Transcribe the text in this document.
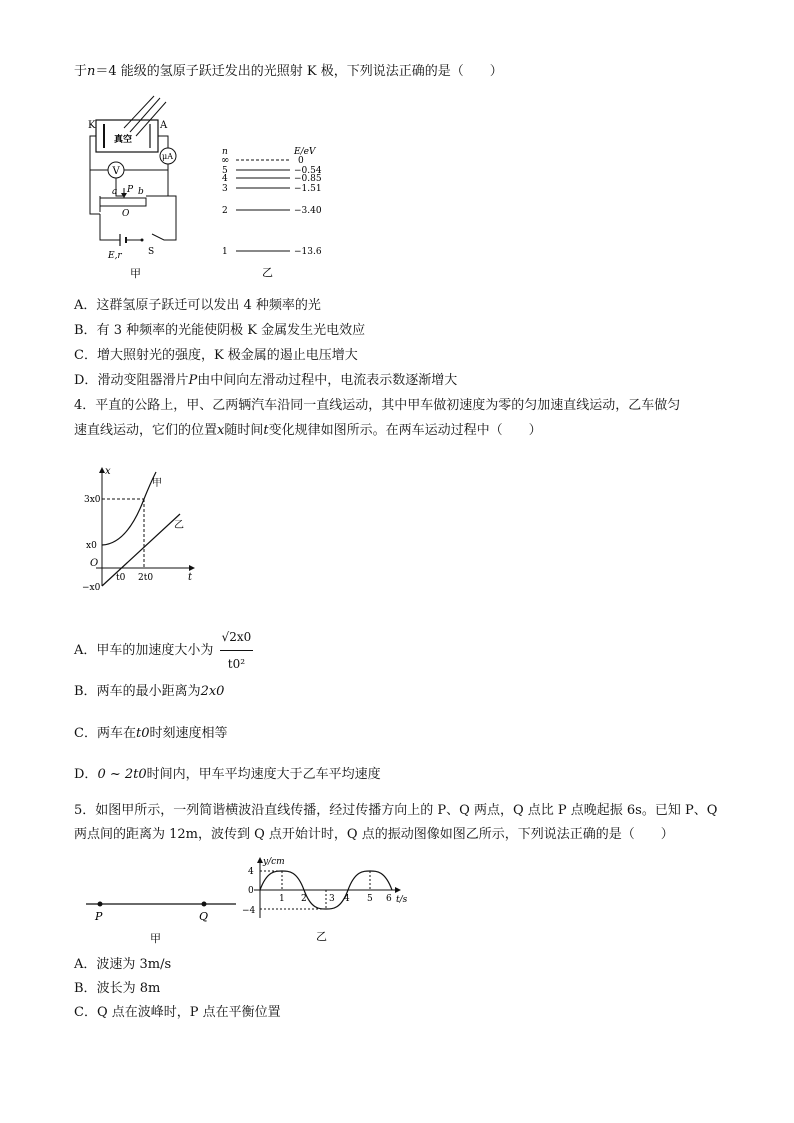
于n＝4 能级的氢原子跃迁发出的光照射 K 极，下列说法正确的是（　　）
K	A
真空
μA
V
a P b
O
E,r	S
甲
n	E/eV
∞	0
5	−0.54
4	−0.85
3	−1.51
2	−3.40
1	−13.6
乙
A．这群氢原子跃迁可以发出 4 种频率的光
B．有 3 种频率的光能使阴极 K 金属发生光电效应
C．增大照射光的强度，K 极金属的遏止电压增大
D．滑动变阻器滑片P由中间向左滑动过程中，电流表示数逐渐增大
4．平直的公路上，甲、乙两辆汽车沿同一直线运动，其中甲车做初速度为零的匀加速直线运动，乙车做匀
速直线运动，它们的位置x随时间t变化规律如图所示。在两车运动过程中（　　）
x
t
O
3x0
x0
−x0
t0 2t0
甲
乙
A．甲车的加速度大小为 $\frac{√2x0}{\text{t0²}}$
B．两车的最小距离为2x0
C．两车在t0时刻速度相等
D．0 ~ 2t0时间内，甲车平均速度大于乙车平均速度
5．如图甲所示，一列简谐横波沿直线传播，经过传播方向上的 P、Q 两点，Q 点比 P 点晚起振 6s。已知 P、Q
两点间的距离为 12m，波传到 Q 点开始计时，Q 点的振动图像如图乙所示，下列说法正确的是（　　）
P	Q
甲
y/cm
t/s
4
0
−4
1 2 3 4 5 6
乙
A．波速为 3m/s
B．波长为 8m
C．Q 点在波峰时，P 点在平衡位置
